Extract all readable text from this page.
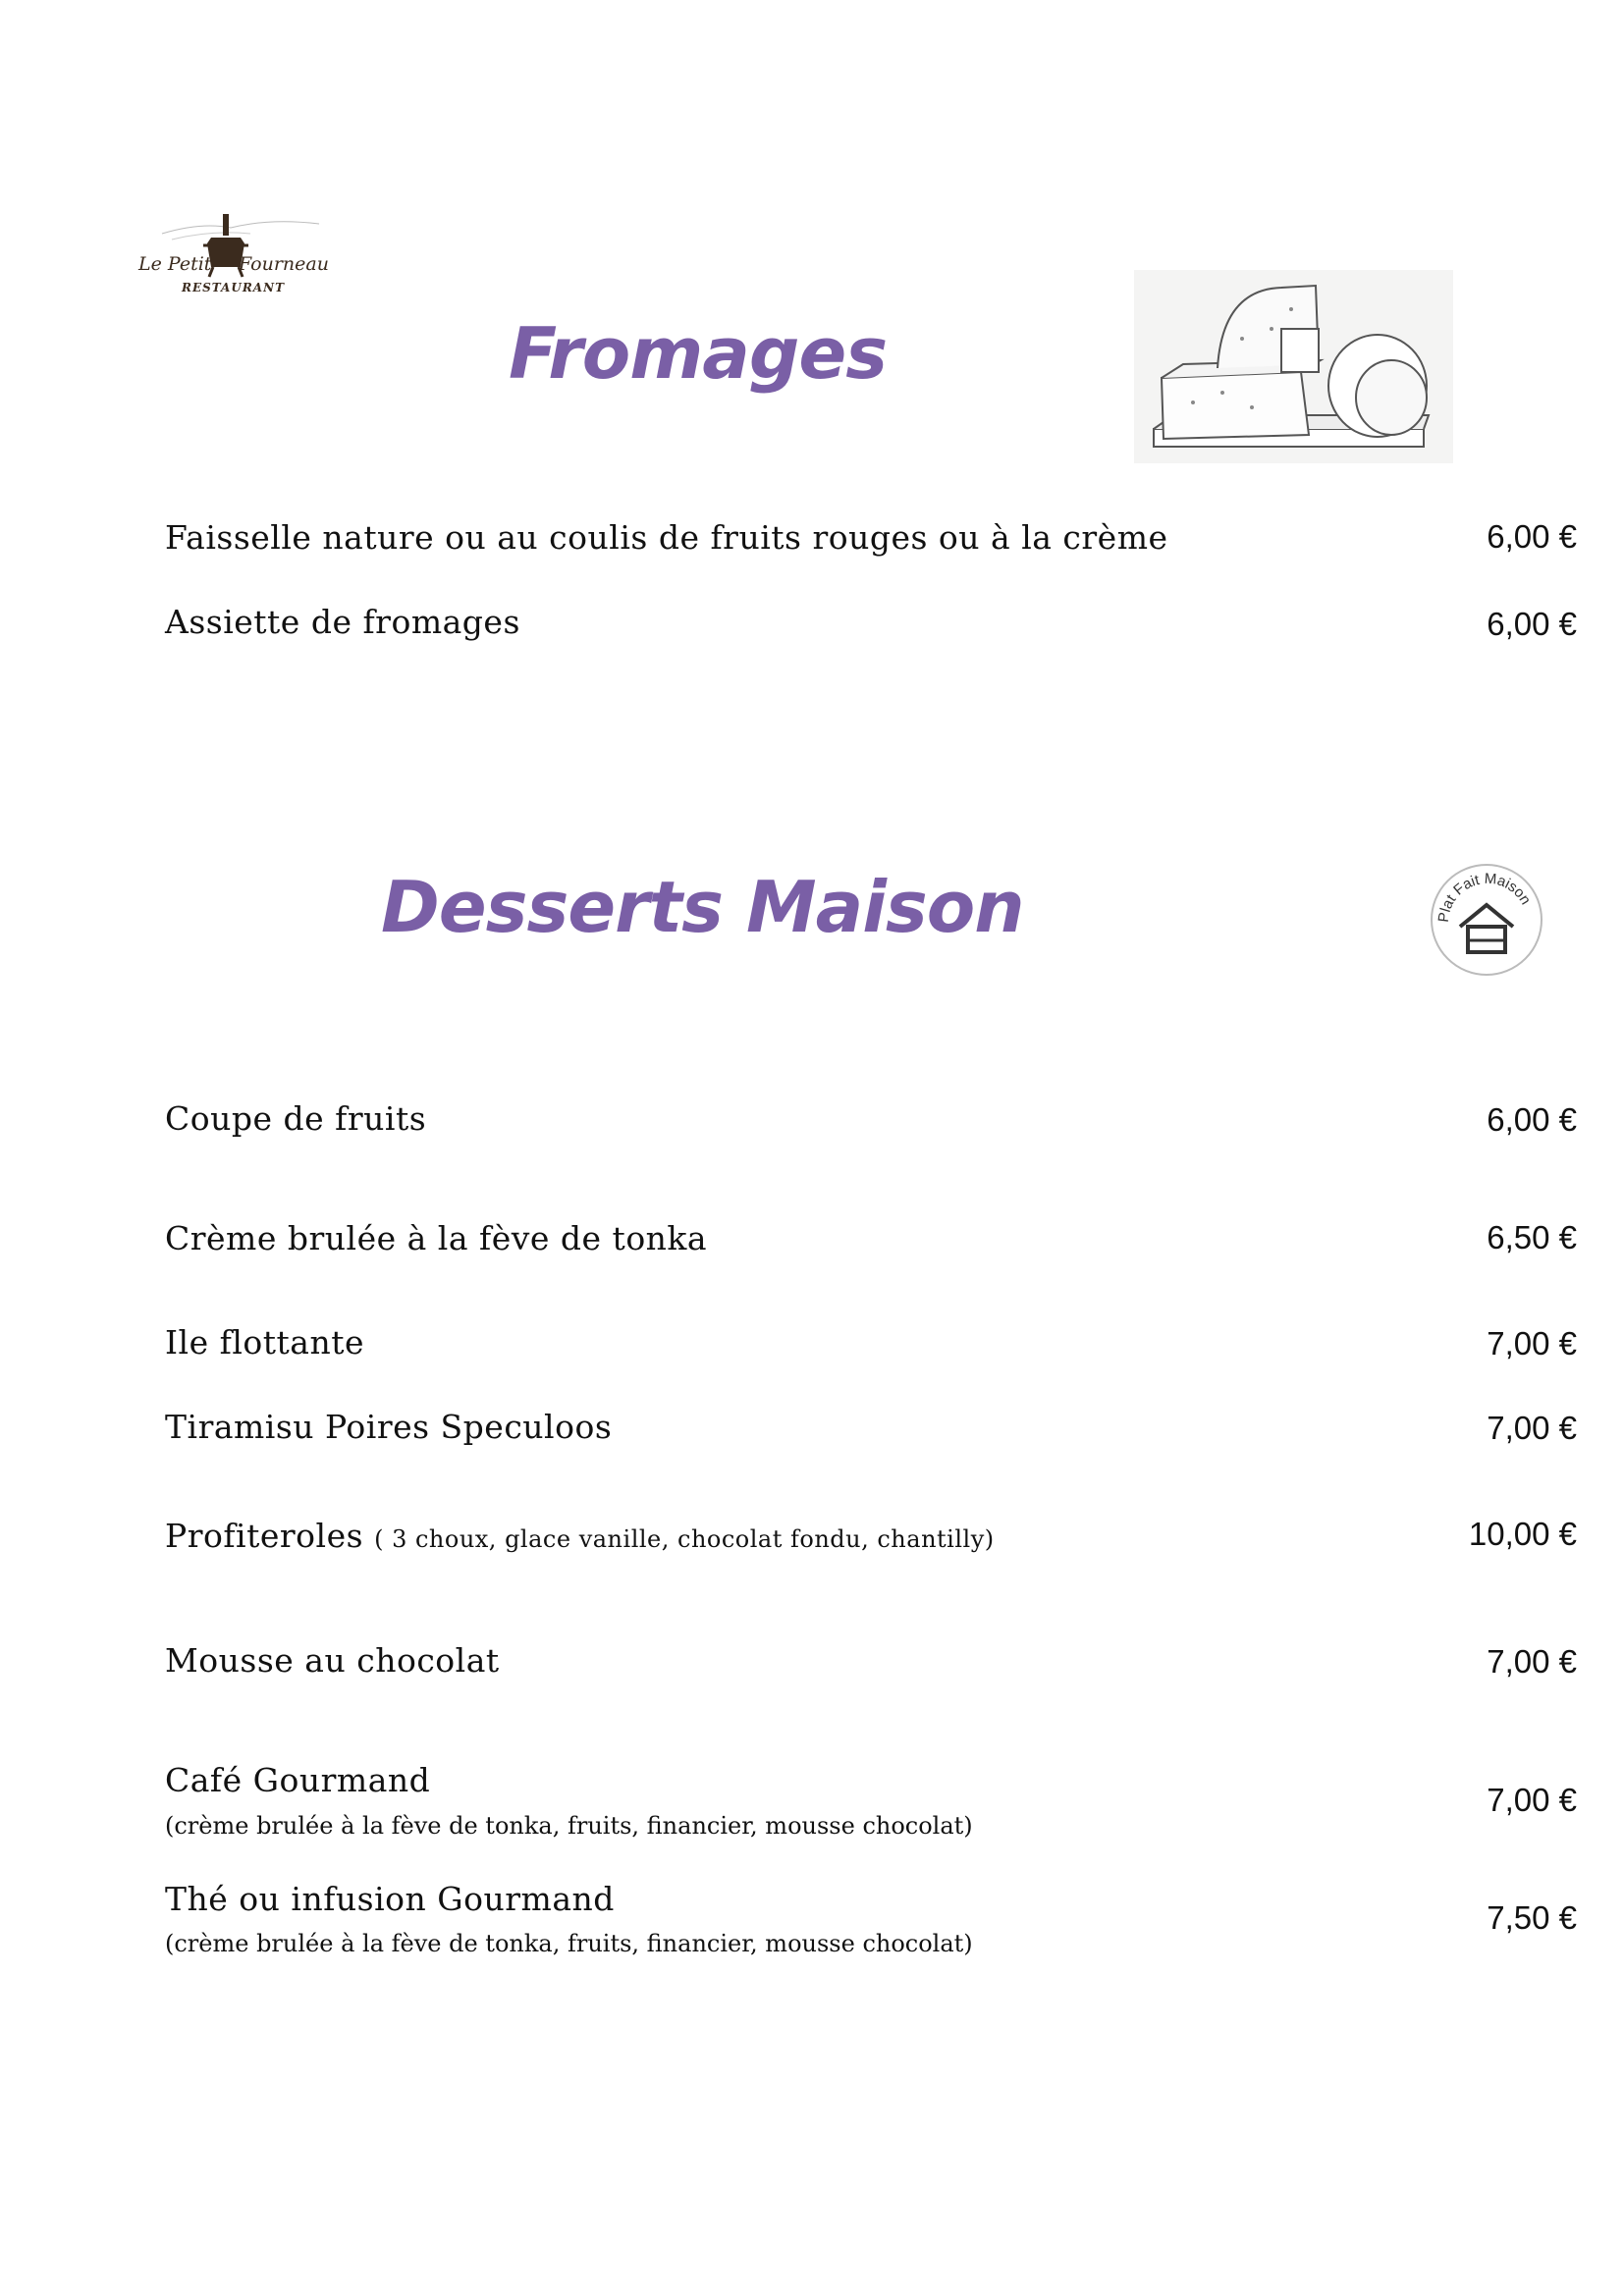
Le Petit Fourneau
RESTAURANT
Fromages
Faisselle nature ou au coulis de fruits rouges ou à la crème	6,00 €
Assiette de fromages	6,00 €
Desserts Maison	Plat Fait Maison
Coupe de fruits	6,00 €
Crème brulée à la fève de tonka	6,50 €
Ile flottante	7,00 €
Tiramisu Poires Speculoos	7,00 €
Profiteroles ( 3 choux, glace vanille, chocolat fondu, chantilly)	10,00 €
Mousse au chocolat	7,00 €
Café Gourmand
(crème brulée à la fève de tonka, fruits, financier, mousse chocolat)
7,00 €
Thé ou infusion Gourmand
(crème brulée à la fève de tonka, fruits, financier, mousse chocolat)
7,50 €
